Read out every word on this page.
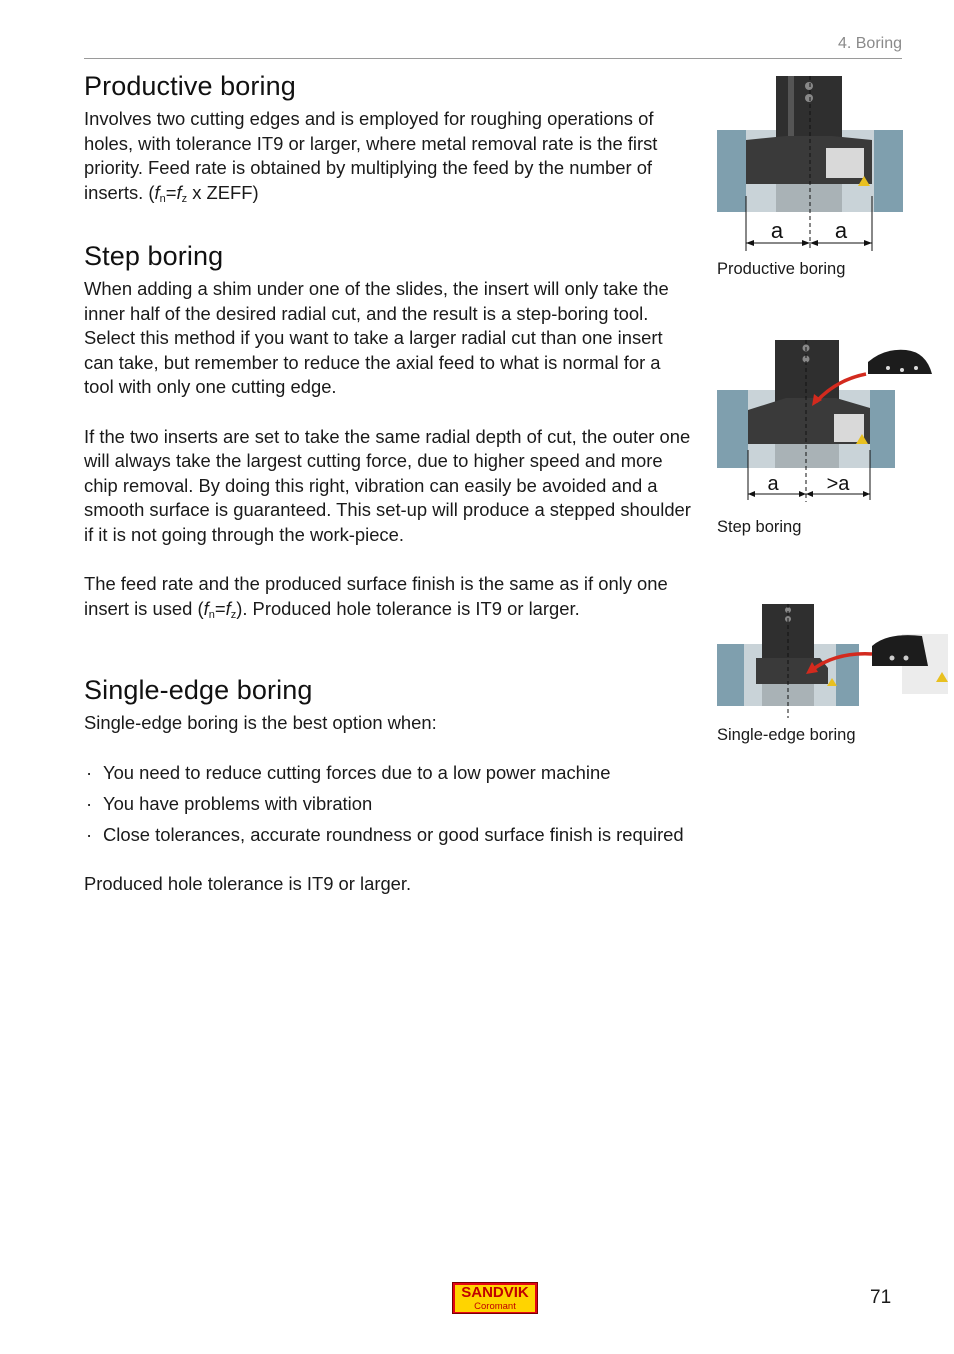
4. Boring
Productive boring

Involves two cutting edges and is employed for roughing operations of holes, with tolerance IT9 or larger, where metal removal rate is the first priority. Feed rate is obtained by multiplying the feed by the number of inserts. ($f_n=f_z$ x ZEFF)

Step boring

When adding a shim under one of the slides, the insert will only take the inner half of the desired radial cut, and the result is a step-boring tool. Select this method if you want to take a larger radial cut than one insert can take, but remember to reduce the axial feed to what is normal for a tool with only one cutting edge.

If the two inserts are set to take the same radial depth of cut, the outer one will always take the largest cutting force, due to higher speed and more chip removal. By doing this right, vibration can easily be avoided and a smooth surface is guaranteed. This set-up will produce a stepped shoulder if it is not going through the work-piece.

The feed rate and the produced surface finish is the same as if only one insert is used $(f_n=f_z)$. Produced hole tolerance is IT9 or larger.

Single-edge boring

Single-edge boring is the best option when:

· You need to reduce cutting forces due to a low power machine
· You have problems with vibration
· Close tolerances, accurate roundness or good surface finish is required

Produced hole tolerance is IT9 or larger.

a a
Productive boring
a >a
Step boring
Single-edge boring
SANDVIK
Coromant	71
